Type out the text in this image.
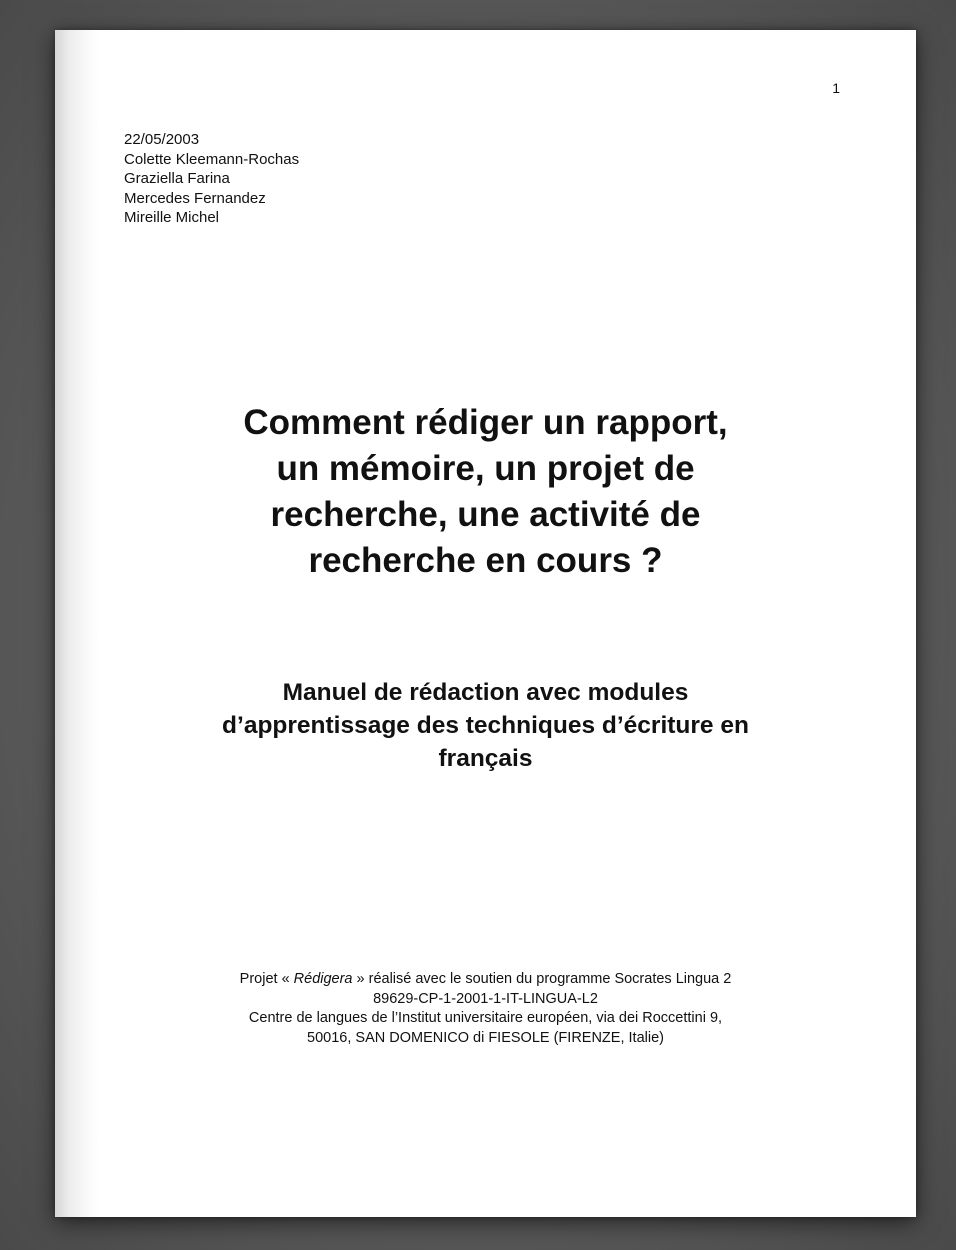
1
22/05/2003
Colette Kleemann-Rochas
Graziella Farina
Mercedes Fernandez
Mireille Michel
Comment rédiger un rapport,
un mémoire, un projet de
recherche, une activité de
recherche en cours ?
Manuel de rédaction avec modules
d’apprentissage des techniques d’écriture en
français
Projet « Rédigera » réalisé avec le soutien du programme Socrates Lingua 2
89629-CP-1-2001-1-IT-LINGUA-L2
Centre de langues de l’Institut universitaire européen, via dei Roccettini 9,
50016, SAN DOMENICO di FIESOLE (FIRENZE, Italie)
